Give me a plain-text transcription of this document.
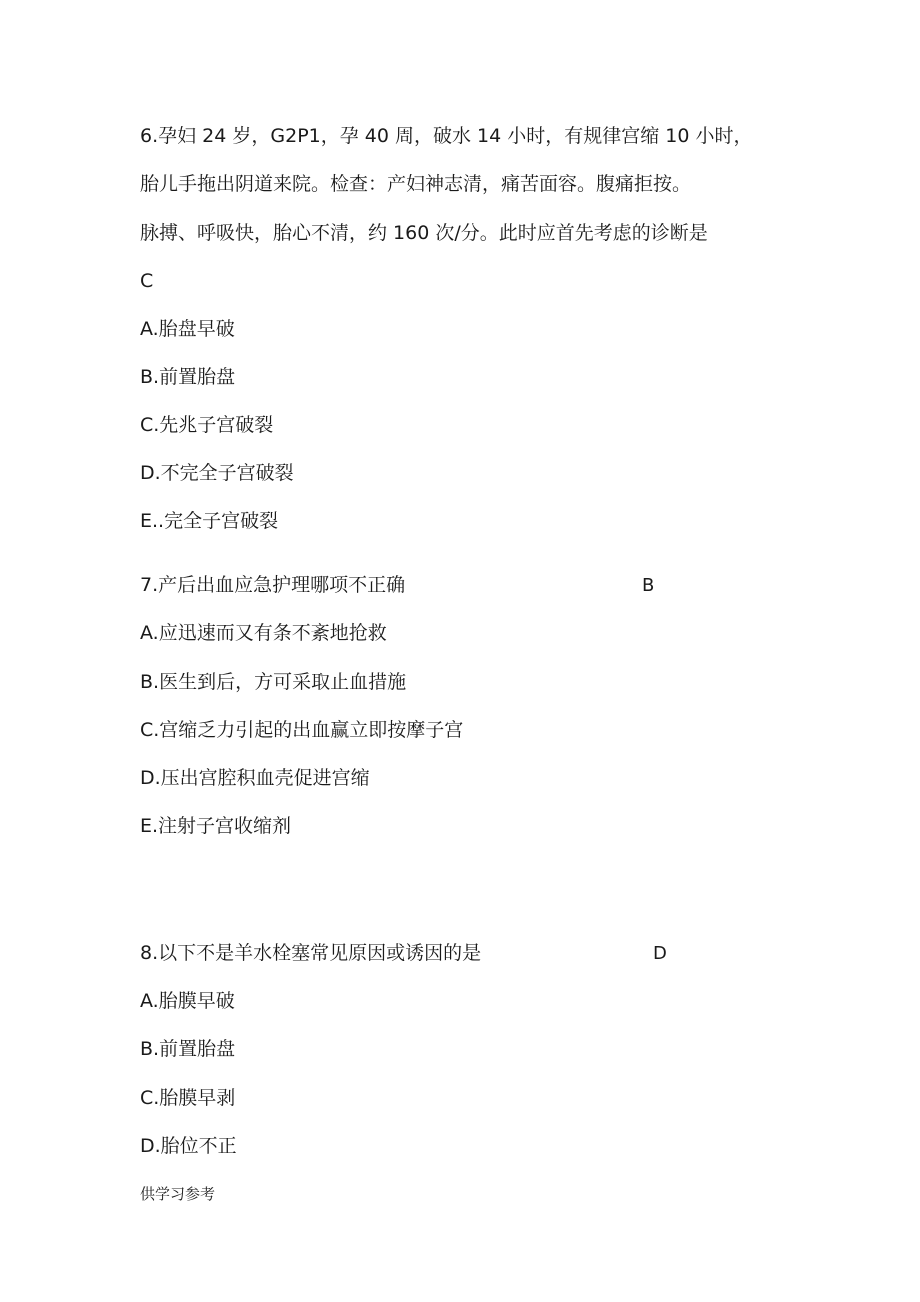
6.孕妇 24 岁，G2P1，孕 40 周，破水 14 小时，有规律宫缩 10 小时，
胎儿手拖出阴道来院。检查：产妇神志清，痛苦面容。腹痛拒按。
脉搏、呼吸快，胎心不清，约 160 次/分。此时应首先考虑的诊断是
C
A.胎盘早破
B.前置胎盘
C.先兆子宫破裂
D.不完全子宫破裂
E..完全子宫破裂
7.产后出血应急护理哪项不正确	B
A.应迅速而又有条不紊地抢救
B.医生到后，方可采取止血措施
C.宫缩乏力引起的出血赢立即按摩子宫
D.压出宫腔积血壳促进宫缩
E.注射子宫收缩剂
8.以下不是羊水栓塞常见原因或诱因的是	D
A.胎膜早破
B.前置胎盘
C.胎膜早剥
D.胎位不正
供学习参考
